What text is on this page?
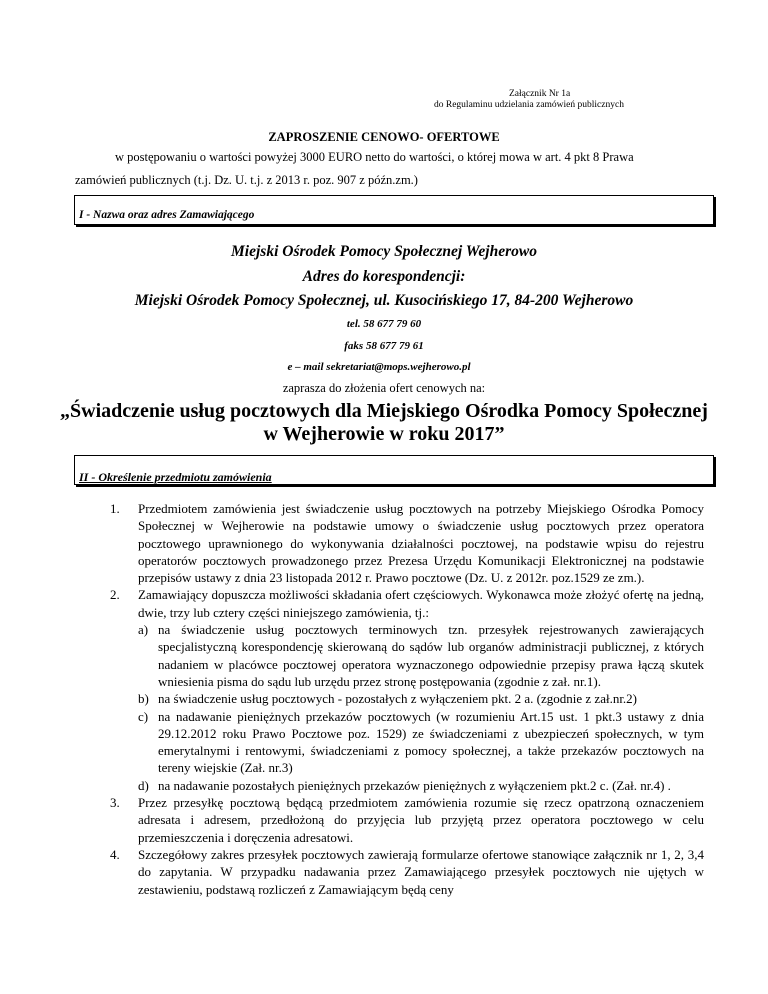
Załącznik Nr 1a
do Regulaminu udzielania zamówień publicznych
ZAPROSZENIE CENOWO- OFERTOWE
w postępowaniu o wartości powyżej 3000 EURO netto do wartości, o której mowa w art. 4 pkt 8 Prawa
zamówień publicznych (t.j. Dz. U. t.j. z 2013 r. poz. 907 z późn.zm.)
I - Nazwa oraz adres Zamawiającego
Miejski Ośrodek Pomocy Społecznej Wejherowo
Adres do korespondencji:
Miejski Ośrodek Pomocy Społecznej, ul. Kusocińskiego 17, 84-200 Wejherowo
tel. 58 677 79 60
faks 58 677 79 61
e – mail sekretariat@mops.wejherowo.pl
zaprasza do złożenia ofert cenowych na:
„Świadczenie usług pocztowych dla Miejskiego Ośrodka Pomocy Społecznej
w Wejherowie w roku 2017”
II - Określenie przedmiotu zamówienia
1. Przedmiotem zamówienia jest świadczenie usług pocztowych na potrzeby Miejskiego Ośrodka Pomocy Społecznej w Wejherowie na podstawie umowy o świadczenie usług pocztowych przez operatora pocztowego uprawnionego do wykonywania działalności pocztowej, na podstawie wpisu do rejestru operatorów pocztowych prowadzonego przez Prezesa Urzędu Komunikacji Elektronicznej na podstawie przepisów ustawy z dnia 23 listopada 2012 r. Prawo pocztowe (Dz. U. z 2012r. poz.1529 ze zm.).
2. Zamawiający dopuszcza możliwości składania ofert częściowych. Wykonawca może złożyć ofertę na jedną, dwie, trzy lub cztery części niniejszego zamówienia, tj.:
a) na świadczenie usług pocztowych terminowych tzn. przesyłek rejestrowanych zawierających specjalistyczną korespondencję skierowaną do sądów lub organów administracji publicznej, z których nadaniem w placówce pocztowej operatora wyznaczonego odpowiednie przepisy prawa łączą skutek wniesienia pisma do sądu lub urzędu przez stronę postępowania (zgodnie z zał. nr.1).
b) na świadczenie usług pocztowych - pozostałych z wyłączeniem pkt. 2 a. (zgodnie z zał.nr.2)
c) na nadawanie pieniężnych przekazów pocztowych (w rozumieniu Art.15 ust. 1 pkt.3 ustawy z dnia 29.12.2012 roku Prawo Pocztowe poz. 1529) ze świadczeniami z ubezpieczeń społecznych, w tym emerytalnymi i rentowymi, świadczeniami z pomocy społecznej, a także przekazów pocztowych na tereny wiejskie (Zał. nr.3)
d) na nadawanie pozostałych pieniężnych przekazów pieniężnych z wyłączeniem pkt.2 c. (Zał. nr.4) .
3. Przez przesyłkę pocztową będącą przedmiotem zamówienia rozumie się rzecz opatrzoną oznaczeniem adresata i adresem, przedłożoną do przyjęcia lub przyjętą przez operatora pocztowego w celu przemieszczenia i doręczenia adresatowi.
4. Szczegółowy zakres przesyłek pocztowych zawierają formularze ofertowe stanowiące załącznik nr 1, 2, 3,4 do zapytania. W przypadku nadawania przez Zamawiającego przesyłek pocztowych nie ujętych w zestawieniu, podstawą rozliczeń z Zamawiającym będą ceny
